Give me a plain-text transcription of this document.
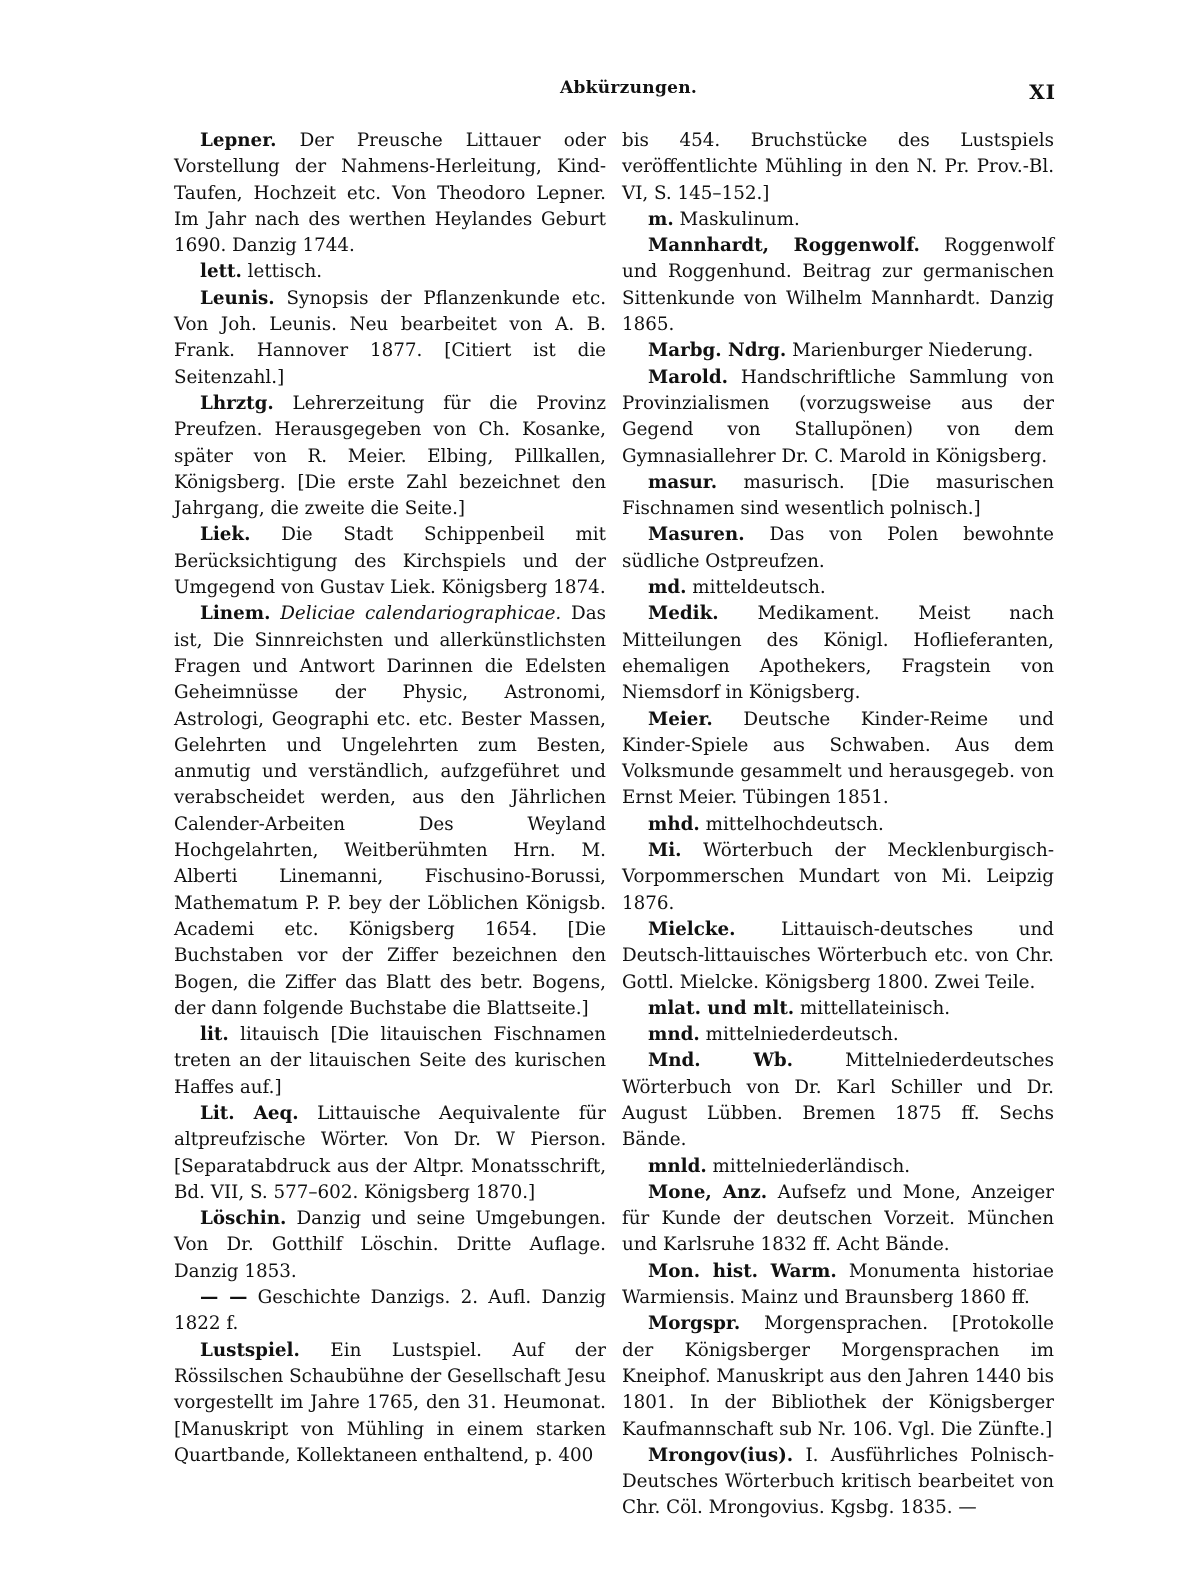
Abkürzungen.	XI

Lepner. Der Preusche Littauer oder Vorstellung der Nahmens-Herleitung, Kind-Taufen, Hochzeit etc. Von Theodoro Lepner. Im Jahr nach des werthen Heylandes Geburt 1690. Danzig 1744.

lett. lettisch.

Leunis. Synopsis der Pflanzenkunde etc. Von Joh. Leunis. Neu bearbeitet von A. B. Frank. Hannover 1877. [Citiert ist die Seitenzahl.]

Lhrztg. Lehrerzeitung für die Provinz Preufzen. Herausgegeben von Ch. Kosanke, später von R. Meier. Elbing, Pillkallen, Königsberg. [Die erste Zahl bezeichnet den Jahrgang, die zweite die Seite.]

Liek. Die Stadt Schippenbeil mit Berücksichtigung des Kirchspiels und der Umgegend von Gustav Liek. Königsberg 1874.

Linem. Deliciae calendariographicae. Das ist, Die Sinnreichsten und allerkünstlichsten Fragen und Antwort Darinnen die Edelsten Geheimnüsse der Physic, Astronomi, Astrologi, Geographi etc. etc. Bester Massen, Gelehrten und Ungelehrten zum Besten, anmutig und verständlich, aufzgeführet und verabscheidet werden, aus den Jährlichen Calender-Arbeiten Des Weyland Hochgelahrten, Weitberühmten Hrn. M. Alberti Linemanni, Fischusino-Borussi, Mathematum P. P. bey der Löblichen Königsb. Academi etc. Königsberg 1654. [Die Buchstaben vor der Ziffer bezeichnen den Bogen, die Ziffer das Blatt des betr. Bogens, der dann folgende Buchstabe die Blattseite.]

lit. litauisch [Die litauischen Fischnamen treten an der litauischen Seite des kurischen Haffes auf.]

Lit. Aeq. Littauische Aequivalente für altpreufzische Wörter. Von Dr. W Pierson. [Separatabdruck aus der Altpr. Monatsschrift, Bd. VII, S. 577–602. Königsberg 1870.]

Löschin. Danzig und seine Umgebungen. Von Dr. Gotthilf Löschin. Dritte Auflage. Danzig 1853.

— — Geschichte Danzigs. 2. Aufl. Danzig 1822 f.

Lustspiel. Ein Lustspiel. Auf der Rössilschen Schaubühne der Gesellschaft Jesu vorgestellt im Jahre 1765, den 31. Heumonat. [Manuskript von Mühling in einem starken Quartbande, Kollektaneen enthaltend, p. 400

bis 454. Bruchstücke des Lustspiels veröffentlichte Mühling in den N. Pr. Prov.-Bl. VI, S. 145–152.]

m. Maskulinum.

Mannhardt, Roggenwolf. Roggenwolf und Roggenhund. Beitrag zur germanischen Sittenkunde von Wilhelm Mannhardt. Danzig 1865.

Marbg. Ndrg. Marienburger Niederung.

Marold. Handschriftliche Sammlung von Provinzialismen (vorzugsweise aus der Gegend von Stallupönen) von dem Gymnasiallehrer Dr. C. Marold in Königsberg.

masur. masurisch. [Die masurischen Fischnamen sind wesentlich polnisch.]

Masuren. Das von Polen bewohnte südliche Ostpreufzen.

md. mitteldeutsch.

Medik. Medikament. Meist nach Mitteilungen des Königl. Hoflieferanten, ehemaligen Apothekers, Fragstein von Niemsdorf in Königsberg.

Meier. Deutsche Kinder-Reime und Kinder-Spiele aus Schwaben. Aus dem Volksmunde gesammelt und herausgegeb. von Ernst Meier. Tübingen 1851.

mhd. mittelhochdeutsch.

Mi. Wörterbuch der Mecklenburgisch-Vorpommerschen Mundart von Mi. Leipzig 1876.

Mielcke. Littauisch-deutsches und Deutsch-littauisches Wörterbuch etc. von Chr. Gottl. Mielcke. Königsberg 1800. Zwei Teile.

mlat. und mlt. mittellateinisch.

mnd. mittelniederdeutsch.

Mnd. Wb. Mittelniederdeutsches Wörterbuch von Dr. Karl Schiller und Dr. August Lübben. Bremen 1875 ff. Sechs Bände.

mnld. mittelniederländisch.

Mone, Anz. Aufsefz und Mone, Anzeiger für Kunde der deutschen Vorzeit. München und Karlsruhe 1832 ff. Acht Bände.

Mon. hist. Warm. Monumenta historiae Warmiensis. Mainz und Braunsberg 1860 ff.

Morgspr. Morgensprachen. [Protokolle der Königsberger Morgensprachen im Kneiphof. Manuskript aus den Jahren 1440 bis 1801. In der Bibliothek der Königsberger Kaufmannschaft sub Nr. 106. Vgl. Die Zünfte.]

Mrongov(ius). I. Ausführliches Polnisch-Deutsches Wörterbuch kritisch bearbeitet von Chr. Cöl. Mrongovius. Kgsbg. 1835. —
